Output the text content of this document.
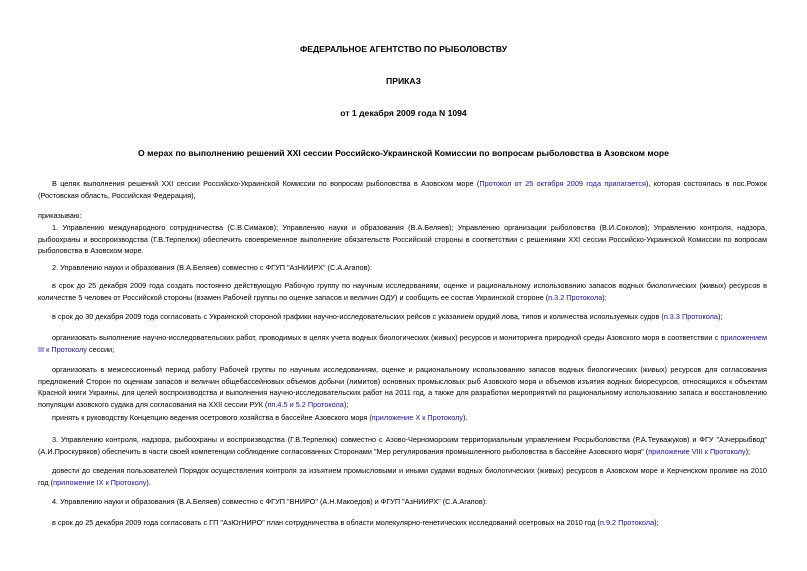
ФЕДЕРАЛЬНОЕ АГЕНТСТВО ПО РЫБОЛОВСТВУ
ПРИКАЗ
от 1 декабря 2009 года N 1094
О мерах по выполнению решений XXI сессии Российско-Украинской Комиссии по вопросам рыболовства в Азовском море

В целях выполнения решений XXI сессии Российско-Украинской Комиссии по вопросам рыболовства в Азовском море (Протокол от 25 октября 2009 года прилагается), которая состоялась в пос.Рожок (Ростовская область, Российская Федерация),

приказываю:

1. Управлению международного сотрудничества (С.В.Симаков); Управлению науки и образования (В.А.Беляев); Управлению организации рыболовства (В.И.Соколов); Управлению контроля, надзора, рыбоохраны и воспроизводства (Г.В.Терпелюк) обеспечить своевременное выполнение обязательств Российской стороны в соответствии с решениями XXI сессии Российско-Украинской Комиссии по вопросам рыболовства в Азовском море.

2. Управлению науки и образования (В.А.Беляев) совместно с ФГУП "АзНИИРХ" (С.А.Агапов):

в срок до 25 декабря 2009 года создать постоянно действующую Рабочую группу по научным исследованиям, оценке и рациональному использованию запасов водных биологических (живых) ресурсов в количестве 5 человек от Российской стороны (взамен Рабочей группы по оценке запасов и величин ОДУ) и сообщить ее состав Украинской стороне (п.3.2 Протокола);

в срок до 30 декабря 2009 года согласовать с Украинской стороной графики научно-исследовательских рейсов с указанием орудий лова, типов и количества используемых судов (п.3.3 Протокола);

организовать выполнение научно-исследовательских работ, проводимых в целях учета водных биологических (живых) ресурсов и мониторинга природной среды Азовского моря в соответствии с приложением III к Протоколу сессии;

организовать в межсессионный период работу Рабочей группы по научным исследованиям, оценке и рациональному использованию запасов водных биологических (живых) ресурсов для согласования предложений Сторон по оценкам запасов и величин общебассейновых объемов добычи (лимитов) основных промысловых рыб Азовского моря и объемов изъятия водных биоресурсов, относящихся к объектам Красной книги Украины, для целей воспроизводства и выполнения научно-исследовательских работ на 2011 год, а также для разработки мероприятий по рациональному использованию запаса и восстановлению популяции азовского судака для согласования на XXII сессии РУК (пп.4.5 и 5.2 Протокола);

принять к руководству Концепцию ведения осетрового хозяйства в бассейне Азовского моря (приложение X к Протоколу).

3. Управлению контроля, надзора, рыбоохраны и воспроизводства (Г.В.Терпелюк) совместно с Азово-Черноморским территориальным управлением Росрыболовства (Р.А.Теуважуков) и ФГУ "Азчеррыбвод" (А.И.Проскуряков) обеспечить в части своей компетенции соблюдение согласованных Сторонами "Мер регулирования промышленного рыболовства в бассейне Азовского моря" (приложение VIII к Протоколу);

довести до сведения пользователей Порядок осуществления контроля за изъятием промысловыми и иными судами водных биологических (живых) ресурсов в Азовском море и Керченском проливе на 2010 год (приложение IX к Протоколу).

4. Управлению науки и образования (В.А.Беляев) совместно с ФГУП "ВНИРО" (А.Н.Макоедов) и ФГУП "АзНИИРХ" (С.А.Агапов):

в срок до 25 декабря 2009 года согласовать с ГП "АзЮгНИРО" план сотрудничества в области молекулярно-генетических исследований осетровых на 2010 год (п.9.2 Протокола);
